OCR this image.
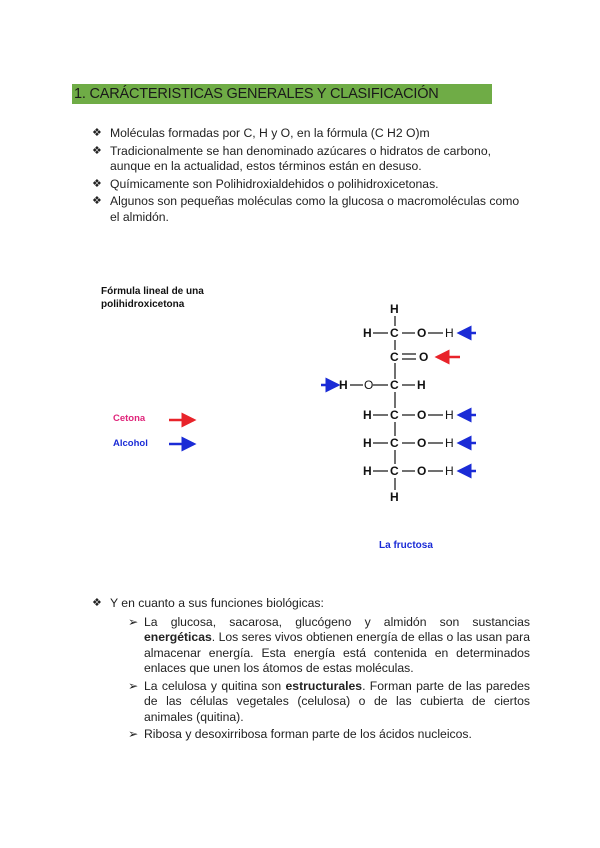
1. CARÁCTERISTICAS GENERALES Y CLASIFICACIÓN
❖ Moléculas formadas por C, H y O, en la fórmula (C H2 O)m
❖ Tradicionalmente se han denominado azúcares o hidratos de carbono, aunque en la actualidad, estos términos están en desuso.
❖ Químicamente son Polihidroxialdehidos o polihidroxicetonas.
❖ Algunos son pequeñas moléculas como la glucosa o macromoléculas como el almidón.
Fórmula lineal de una
polihidroxicetona
Cetona
Alcohol
H
H C O H
C O
H O C H
H C O H
H C O H
H C O H
H
La fructosa
❖ Y en cuanto a sus funciones biológicas:
➢ La glucosa, sacarosa, glucógeno y almidón son sustancias energéticas. Los seres vivos obtienen energía de ellas o las usan para almacenar energía. Esta energía está contenida en determinados enlaces que unen los átomos de estas moléculas.
➢ La celulosa y quitina son estructurales. Forman parte de las paredes de las células vegetales (celulosa) o de las cubierta de ciertos animales (quitina).
➢ Ribosa y desoxirribosa forman parte de los ácidos nucleicos.
